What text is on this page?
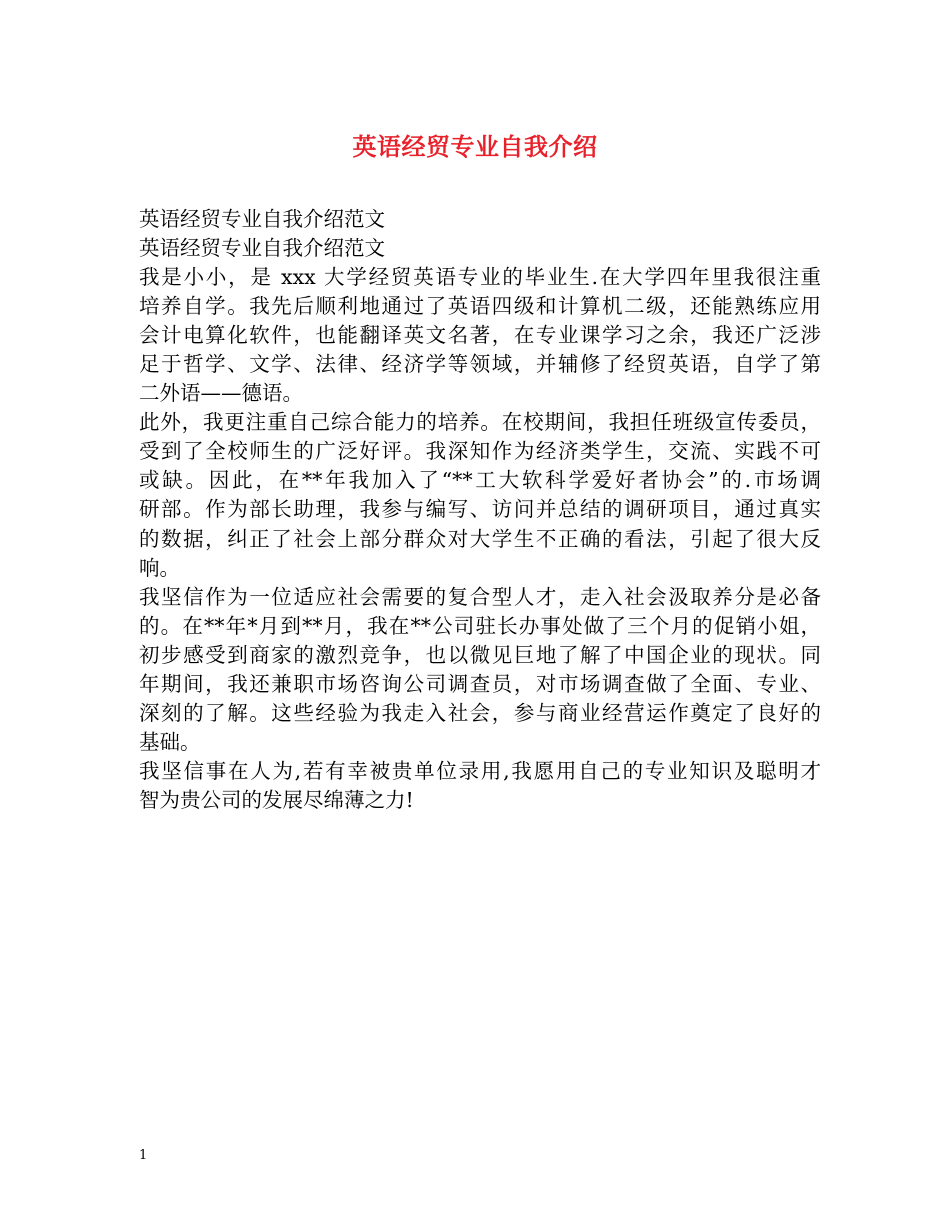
英语经贸专业自我介绍
英语经贸专业自我介绍范文
英语经贸专业自我介绍范文
我是小小，是 xxx 大学经贸英语专业的毕业生.在大学四年里我很注重
培养自学。我先后顺利地通过了英语四级和计算机二级，还能熟练应用
会计电算化软件，也能翻译英文名著，在专业课学习之余，我还广泛涉
足于哲学、文学、法律、经济学等领域，并辅修了经贸英语，自学了第
二外语——德语。
此外，我更注重自己综合能力的培养。在校期间，我担任班级宣传委员，
受到了全校师生的广泛好评。我深知作为经济类学生，交流、实践不可
或缺。因此，在**年我加入了“**工大软科学爱好者协会”的.市场调
研部。作为部长助理，我参与编写、访问并总结的调研项目，通过真实
的数据，纠正了社会上部分群众对大学生不正确的看法，引起了很大反
响。
我坚信作为一位适应社会需要的复合型人才，走入社会汲取养分是必备
的。在**年*月到**月，我在**公司驻长办事处做了三个月的促销小姐，
初步感受到商家的激烈竞争，也以微见巨地了解了中国企业的现状。同
年期间，我还兼职市场咨询公司调查员，对市场调查做了全面、专业、
深刻的了解。这些经验为我走入社会，参与商业经营运作奠定了良好的
基础。
我坚信事在人为,若有幸被贵单位录用,我愿用自己的专业知识及聪明才
智为贵公司的发展尽绵薄之力!
1
